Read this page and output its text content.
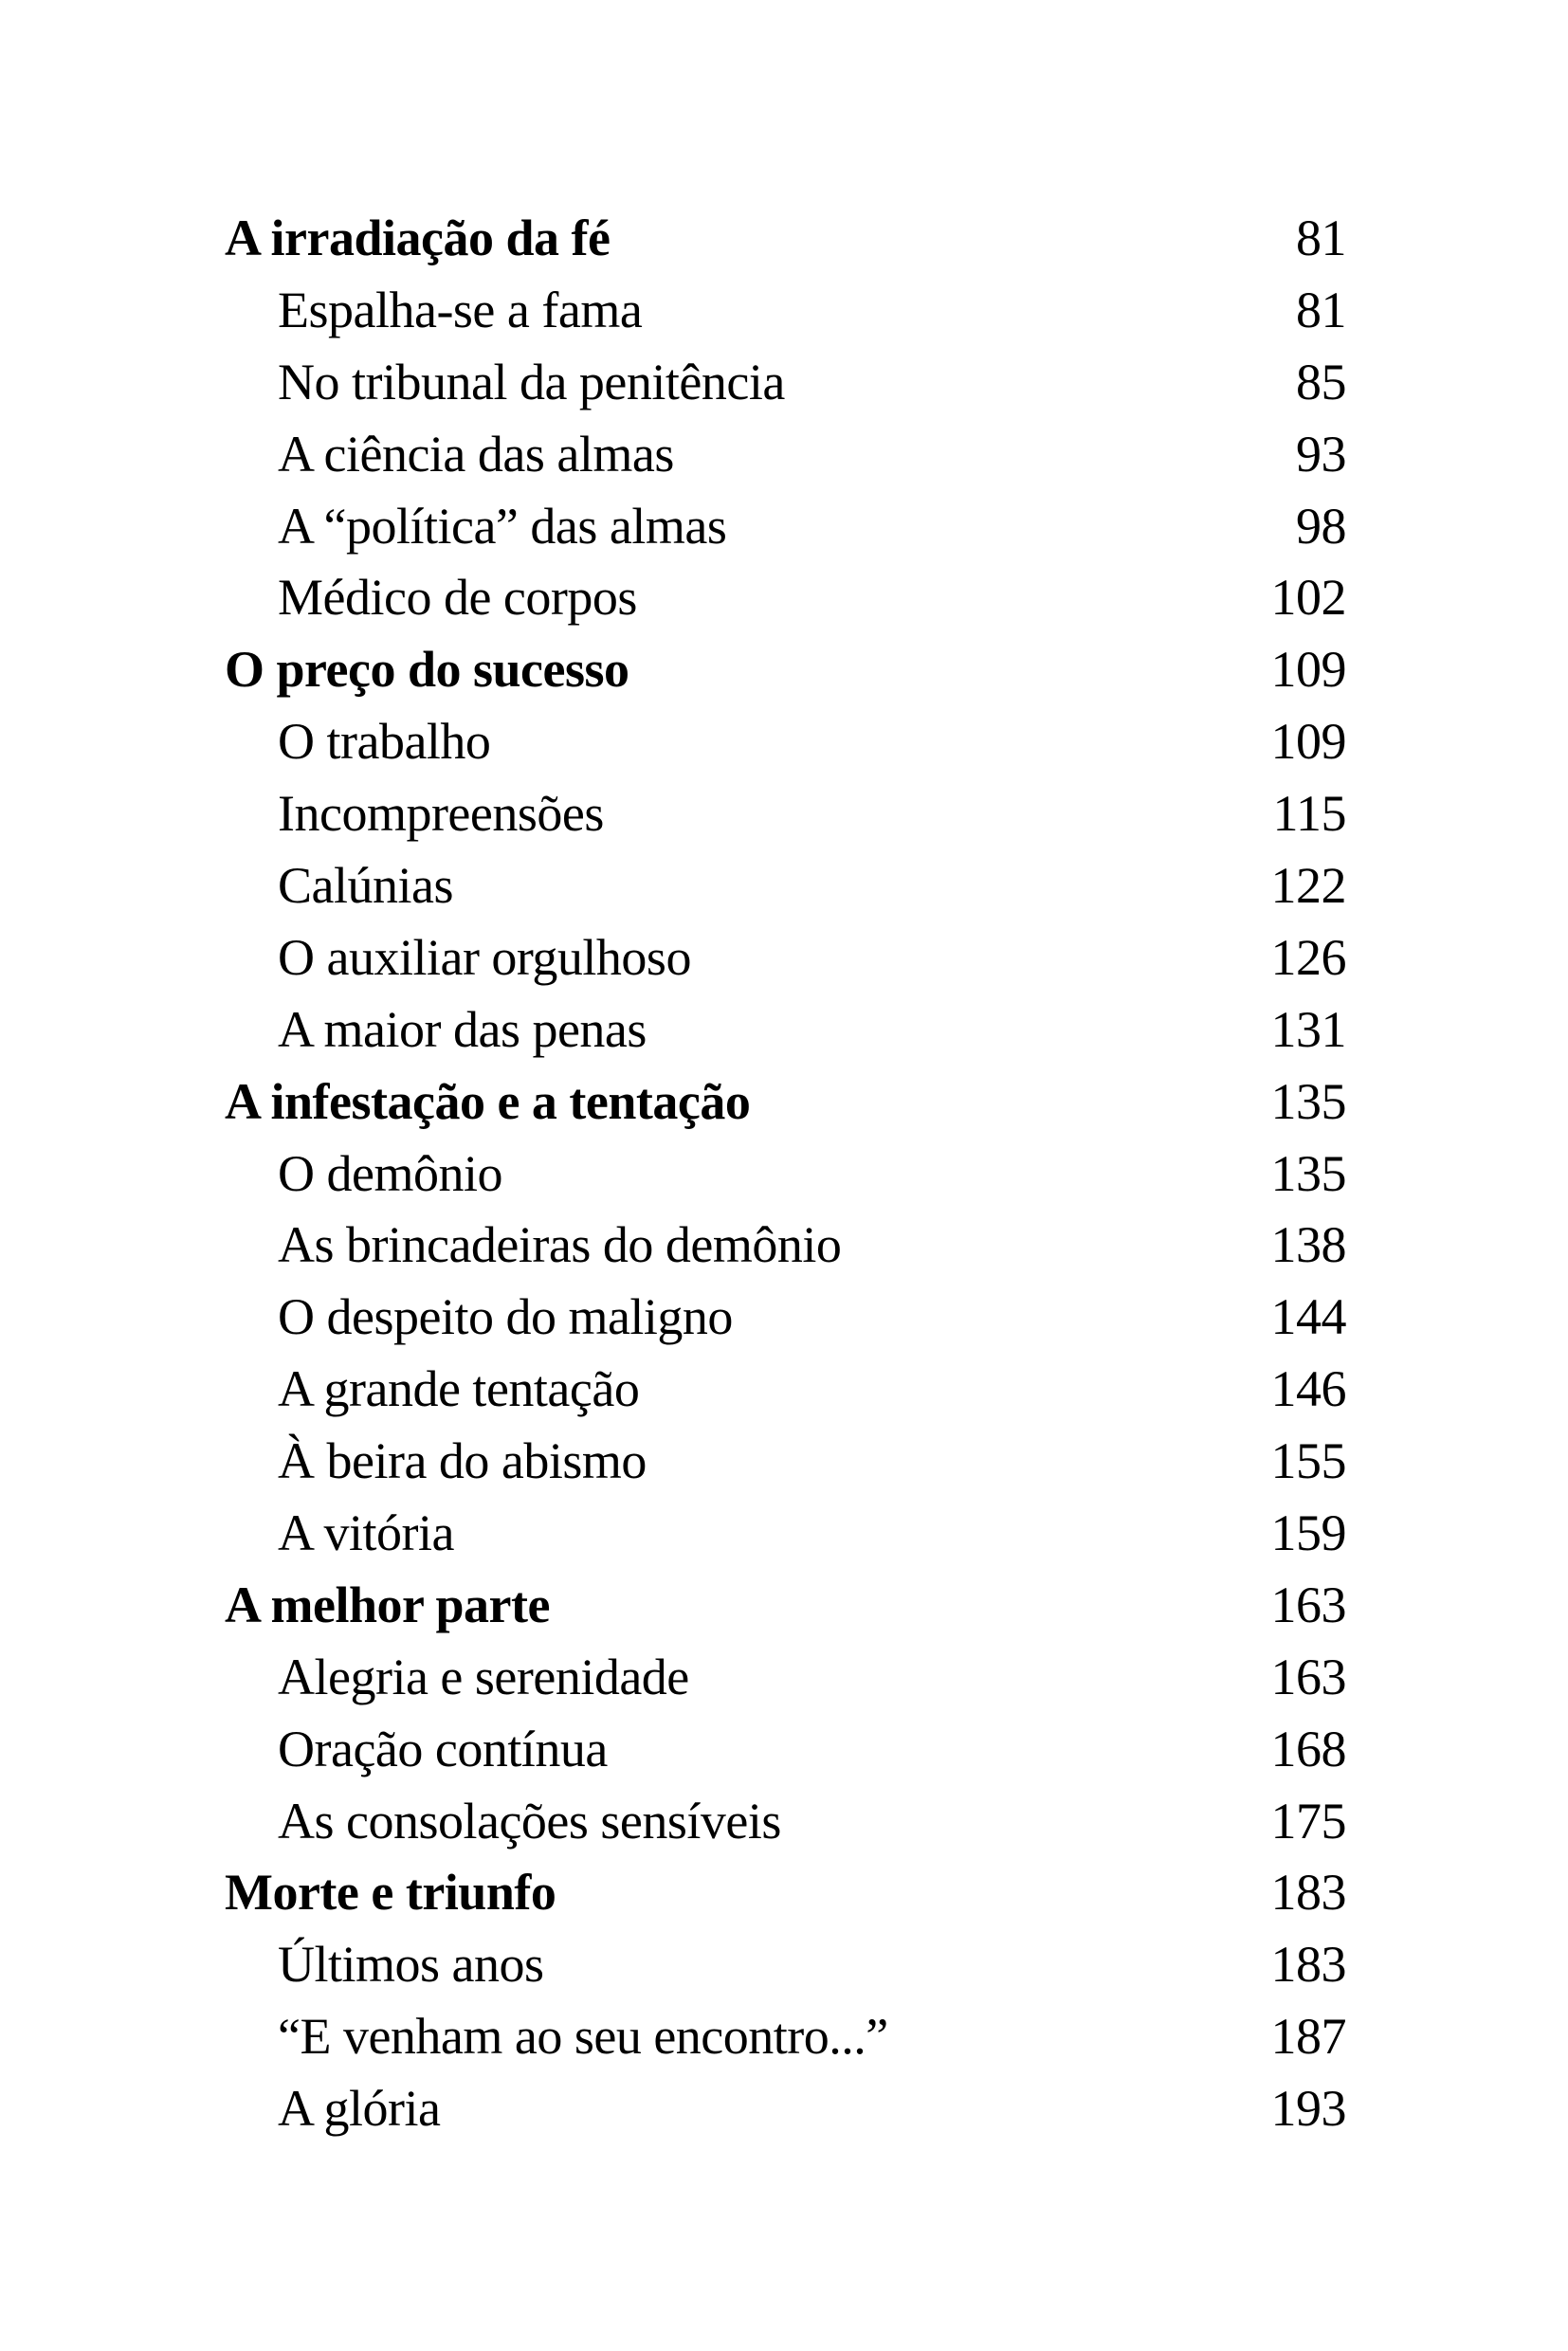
A irradiação da fé	81
Espalha-se a fama	81
No tribunal da penitência	85
A ciência das almas	93
A “política” das almas	98
Médico de corpos	102
O preço do sucesso	109
O trabalho	109
Incompreensões	115
Calúnias	122
O auxiliar orgulhoso	126
A maior das penas	131
A infestação e a tentação	135
O demônio	135
As brincadeiras do demônio	138
O despeito do maligno	144
A grande tentação	146
À beira do abismo	155
A vitória	159
A melhor parte	163
Alegria e serenidade	163
Oração contínua	168
As consolações sensíveis	175
Morte e triunfo	183
Últimos anos	183
“E venham ao seu encontro...”	187
A glória	193
